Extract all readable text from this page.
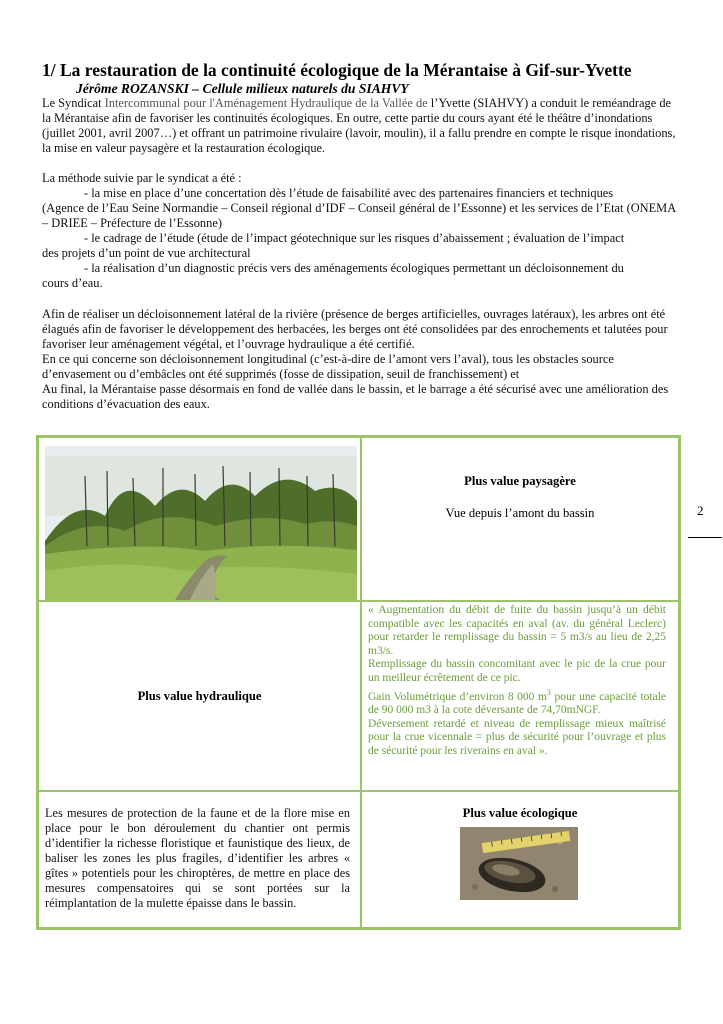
1/ La restauration de la continuité écologique de la Mérantaise à Gif-sur-Yvette
Jérôme ROZANSKI – Cellule milieux naturels du SIAHVY
Le Syndicat Intercommunal pour l'Aménagement Hydraulique de la Vallée de l’Yvette (SIAHVY) a conduit le reméandrage de la Mérantaise afin de favoriser les continuités écologiques. En outre, cette partie du cours ayant été le théâtre d’inondations (juillet 2001, avril 2007…) et offrant un patrimoine rivulaire (lavoir, moulin), il a fallu prendre en compte le risque inondations, la mise en valeur paysagère et la restauration écologique.

La méthode suivie par le syndicat a été :

- la mise en place d’une concertation dès l’étude de faisabilité avec des partenaires financiers et techniques

(Agence de l’Eau Seine Normandie – Conseil régional d’IDF – Conseil général de l’Essonne) et les services de l’Etat (ONEMA – DRIEE – Préfecture de l’Essonne)

- le cadrage de l’étude (étude de l’impact géotechnique sur les risques d’abaissement ; évaluation de l’impact

des projets d’un point de vue architectural

- la réalisation d’un diagnostic précis vers des aménagements écologiques permettant un décloisonnement du

cours d’eau.

Afin de réaliser un décloisonnement latéral de la rivière (présence de berges artificielles, ouvrages latéraux), les arbres ont été élagués afin de favoriser le développement des herbacées, les berges ont été consolidées par des enrochements et talutées pour favoriser leur aménagement végétal, et l’ouvrage hydraulique a été certifié.

En ce qui concerne son décloisonnement longitudinal (c’est-à-dire de l’amont vers l’aval), tous les obstacles source d’envasement ou d’embâcles ont été supprimés (fosse de dissipation, seuil de franchissement) et

Au final, la Mérantaise passe désormais en fond de vallée dans le bassin, et le barrage a été sécurisé avec une amélioration des conditions d’évacuation des eaux.

2
Plus value paysagère
Vue depuis l’amont du bassin
Plus value hydraulique

« Augmentation du débit de fuite du bassin jusqu’à un débit compatible avec les capacités en aval (av. du général Leclerc) pour retarder le remplissage du bassin = 5 m3/s au lieu de 2,25 m3/s.

Remplissage du bassin concomitant avec le pic de la crue pour un meilleur écrêtement de ce pic.

Gain Volumétrique d’environ 8 000 $m^3$ pour une capacité totale de 90 000 m3 à la cote déversante de 74,70mNGF.

Déversement retardé et niveau de remplissage mieux maîtrisé pour la crue vicennale = plus de sécurité pour l’ouvrage et plus de sécurité pour les riverains en aval ».

Les mesures de protection de la faune et de la flore mise en place pour le bon déroulement du chantier ont permis d’identifier la richesse floristique et faunistique des lieux, de baliser les zones les plus fragiles, d’identifier les arbres « gîtes » potentiels pour les chiroptères, de mettre en place des mesures compensatoires qui se sont portées sur la réimplantation de la mulette épaisse dans le bassin.
Plus value écologique
